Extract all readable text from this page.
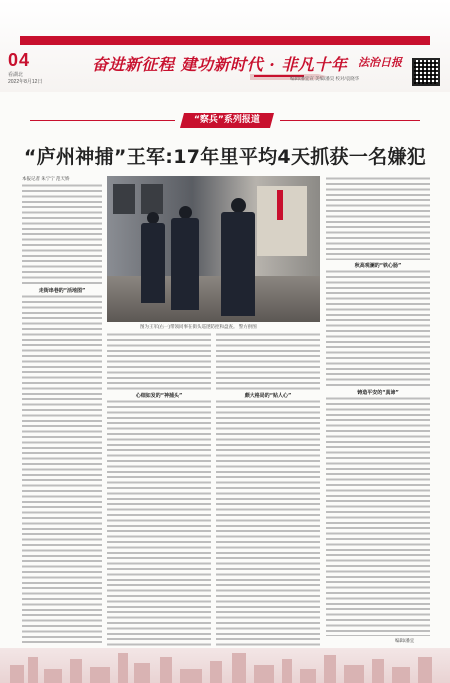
04
看湖北
2022年8月12日
奋进新征程 建功新时代 · 非凡十年 法治日报
编辑/潘宜宣 美编/潘昊 校对/袁晓华
“察兵”系列报道
“庐州神捕”王军:17年里平均4天抓获一名嫌犯
本报记者 朱宁宁 范天娇
走街串巷的“活地图”
图为王军(右一)带领同事在街头巡逻防控和盘查。 警方供图
心细如发的“神捕头”	颇大格局的“贴人心”
秋高观澜的“铁心肠”
铸造平安的“真谛”
编辑/潘宜
